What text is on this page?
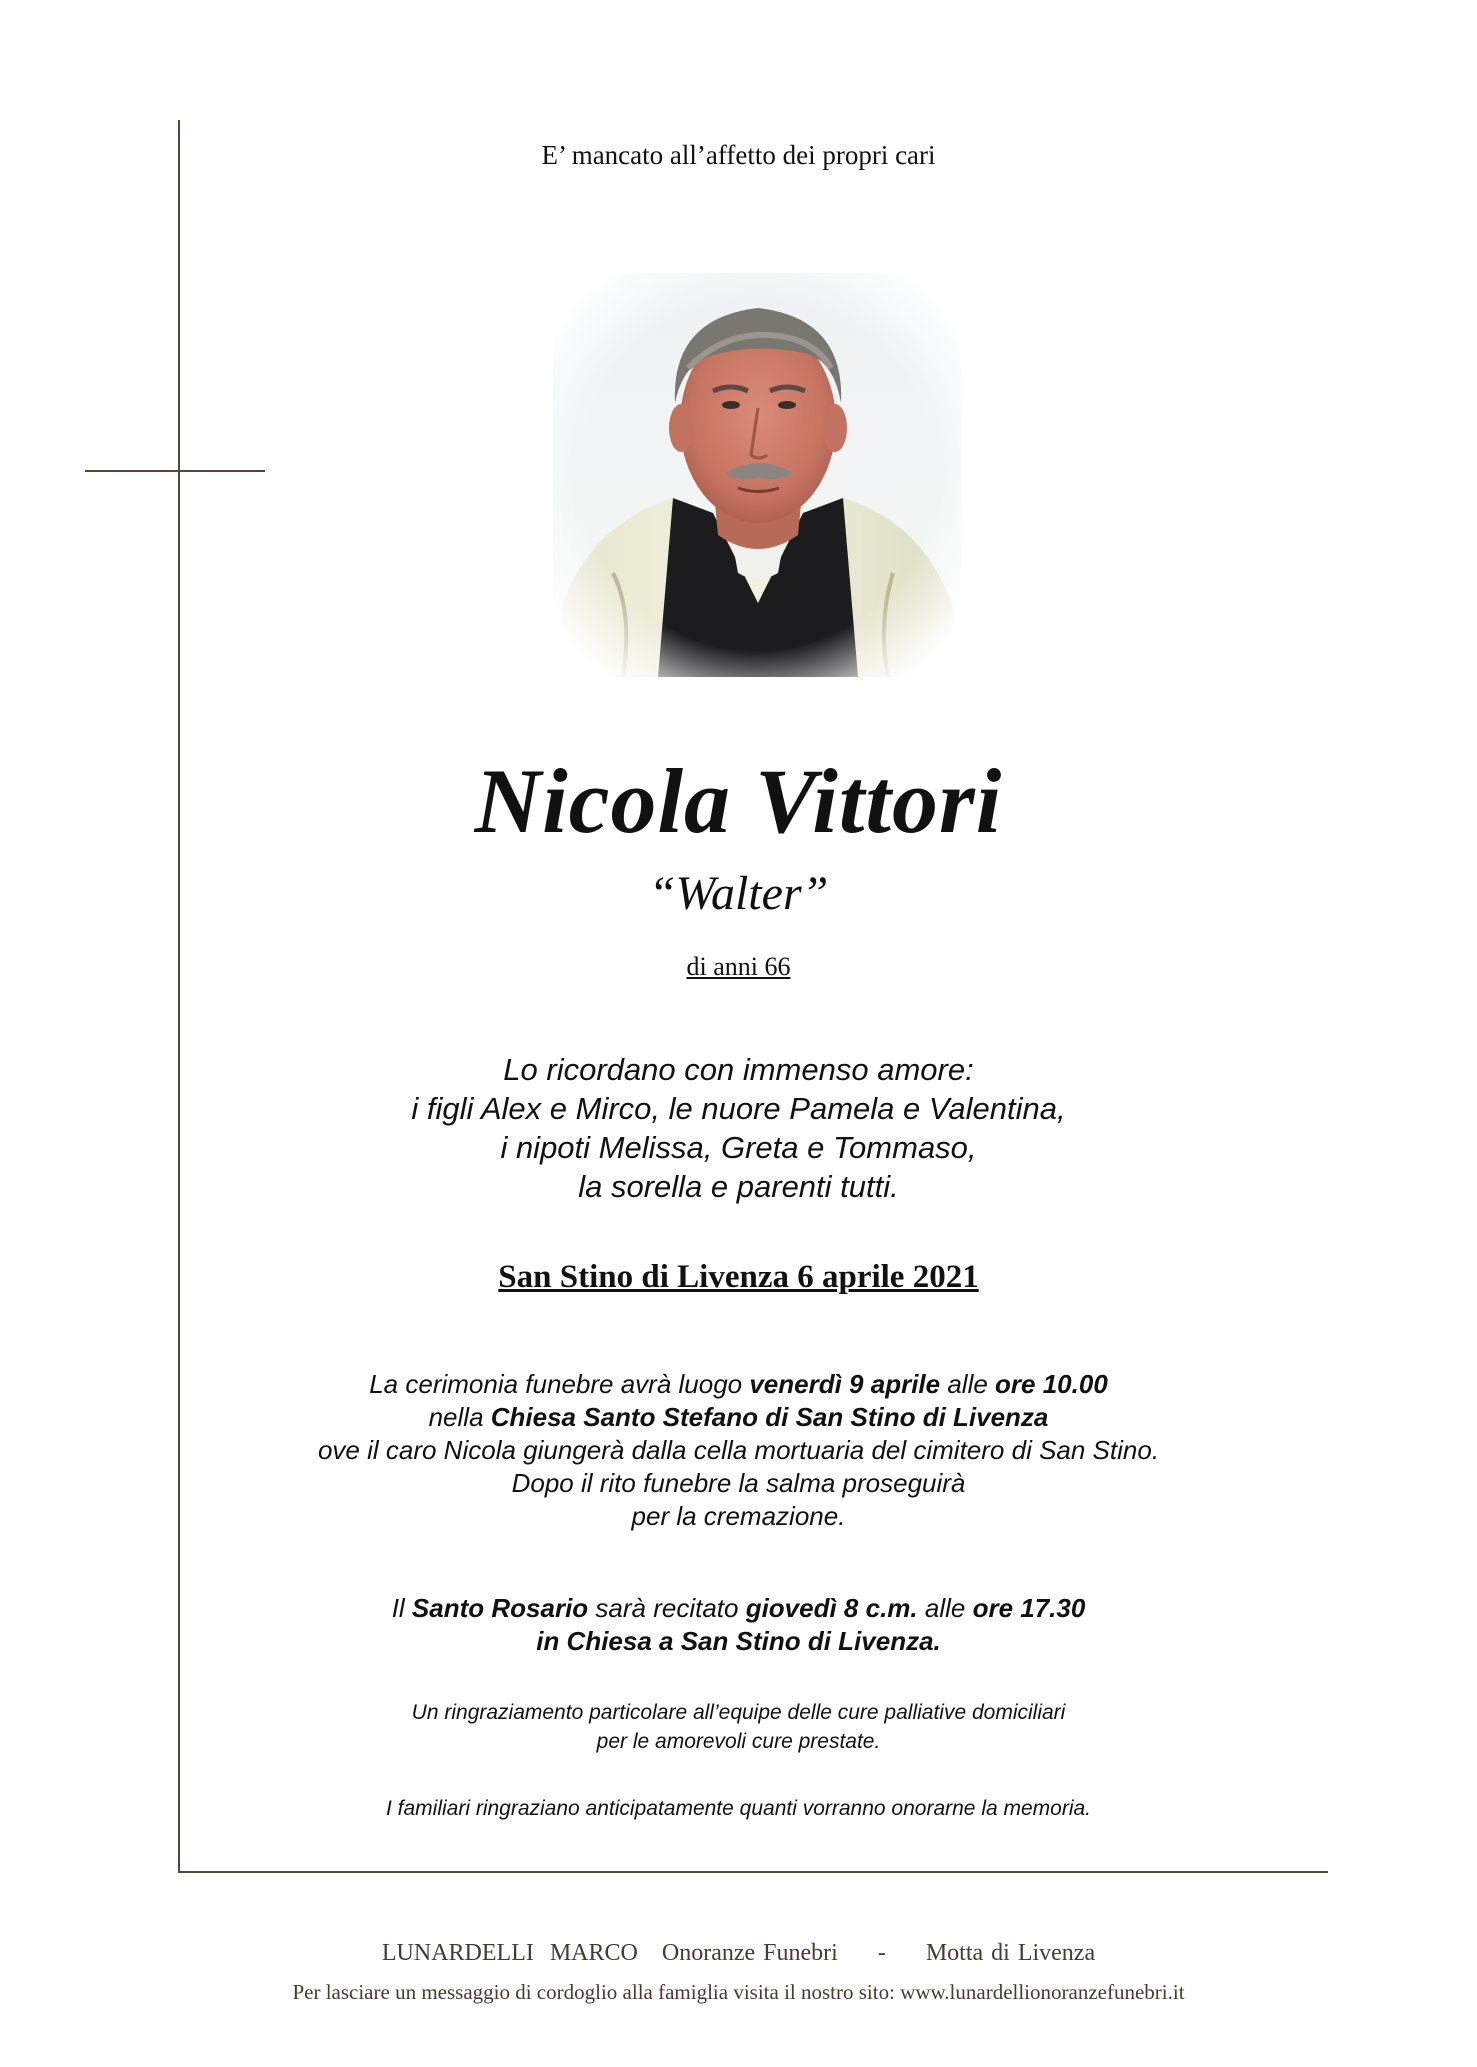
E’ mancato all’affetto dei propri cari
Nicola Vittori
“Walter”
di anni 66
Lo ricordano con immenso amore:
i figli Alex e Mirco, le nuore Pamela e Valentina,
i nipoti Melissa, Greta e Tommaso,
la sorella e parenti tutti.
San Stino di Livenza 6 aprile 2021
La cerimonia funebre avrà luogo venerdì 9 aprile alle ore 10.00
nella Chiesa Santo Stefano di San Stino di Livenza
ove il caro Nicola giungerà dalla cella mortuaria del cimitero di San Stino.
Dopo il rito funebre la salma proseguirà
per la cremazione.
Il Santo Rosario sarà recitato giovedì 8 c.m. alle ore 17.30
in Chiesa a San Stino di Livenza.
Un ringraziamento particolare all’equipe delle cure palliative domiciliari
per le amorevoli cure prestate.
I familiari ringraziano anticipatamente quanti vorranno onorarne la memoria.
LUNARDELLI  MARCO Onoranze Funebri - Motta di Livenza
Per lasciare un messaggio di cordoglio alla famiglia visita il nostro sito: www.lunardellionoranzefunebri.it
